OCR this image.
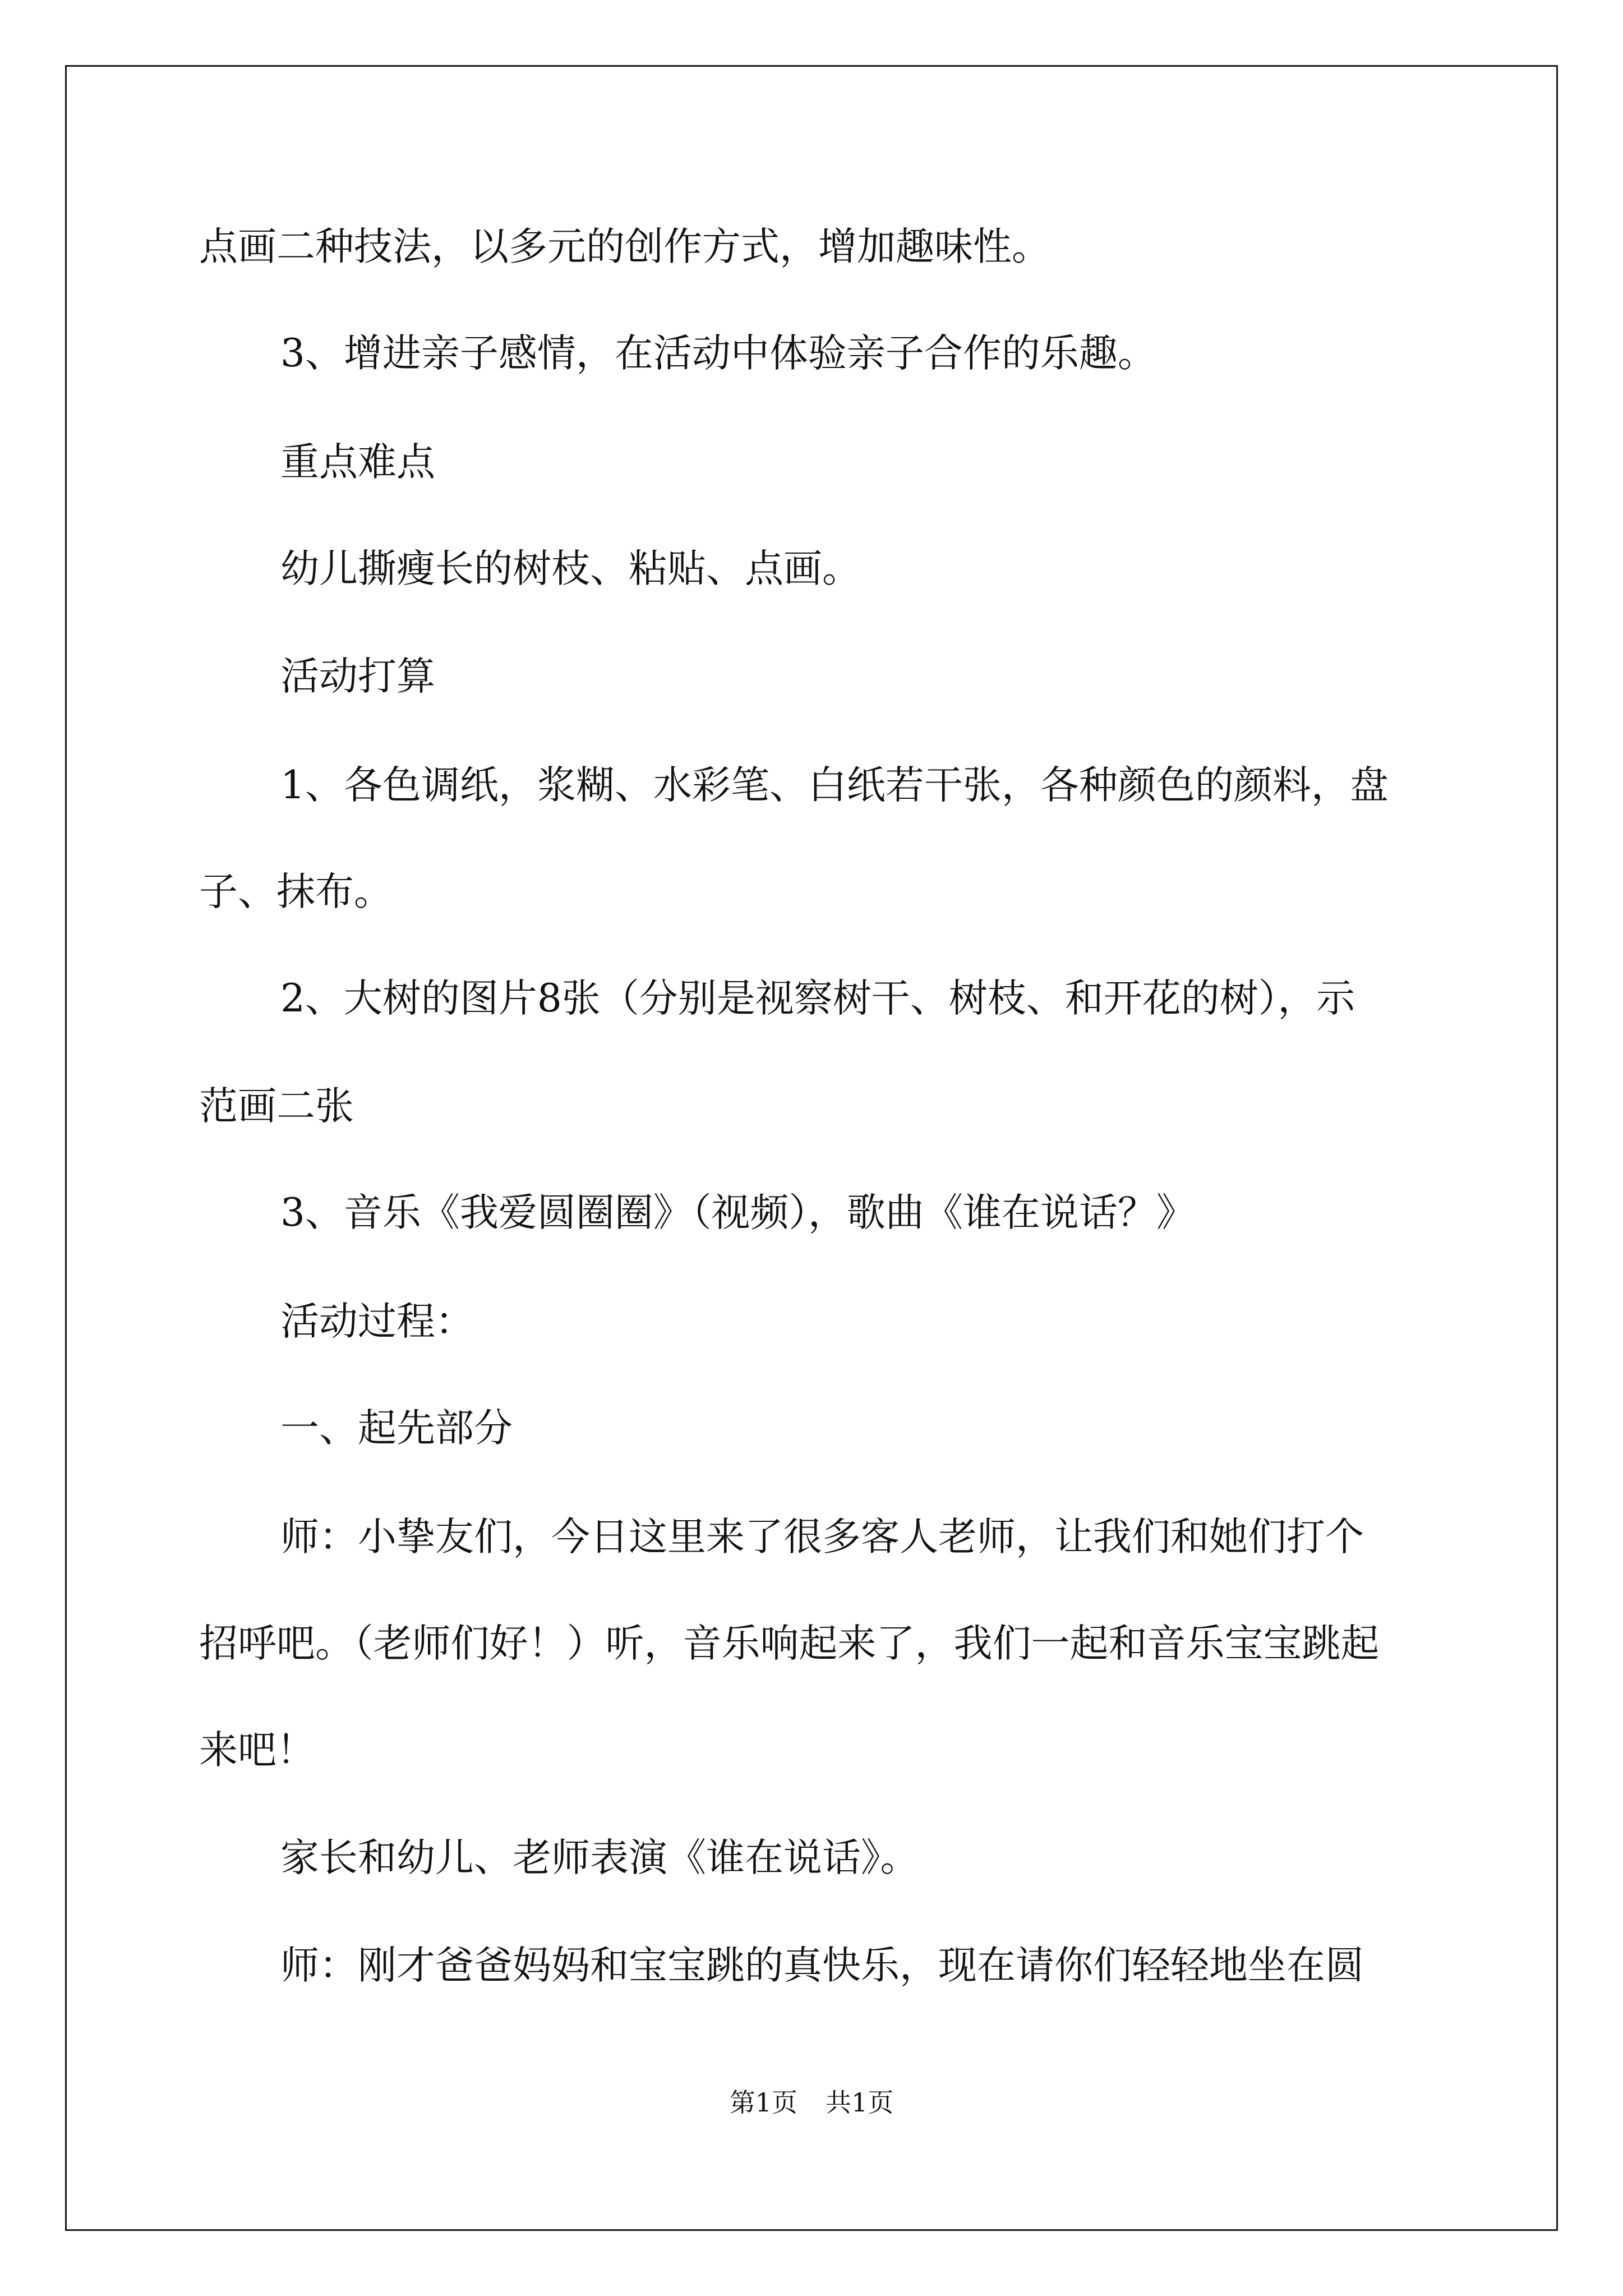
点画二种技法，以多元的创作方式，增加趣味性。

3、增进亲子感情，在活动中体验亲子合作的乐趣。

重点难点

幼儿撕瘦长的树枝、粘贴、点画。

活动打算

1、各色调纸，浆糊、水彩笔、白纸若干张，各种颜色的颜料，盘

子、抹布。

2、大树的图片8张（分别是视察树干、树枝、和开花的树），示

范画二张

3、音乐《我爱圆圈圈》（视频），歌曲《谁在说话？》

活动过程：

一、起先部分

师：小挚友们，今日这里来了很多客人老师，让我们和她们打个

招呼吧。（老师们好！）听，音乐响起来了，我们一起和音乐宝宝跳起

来吧！

家长和幼儿、老师表演《谁在说话》。

师：刚才爸爸妈妈和宝宝跳的真快乐，现在请你们轻轻地坐在圆

第1页 共1页
